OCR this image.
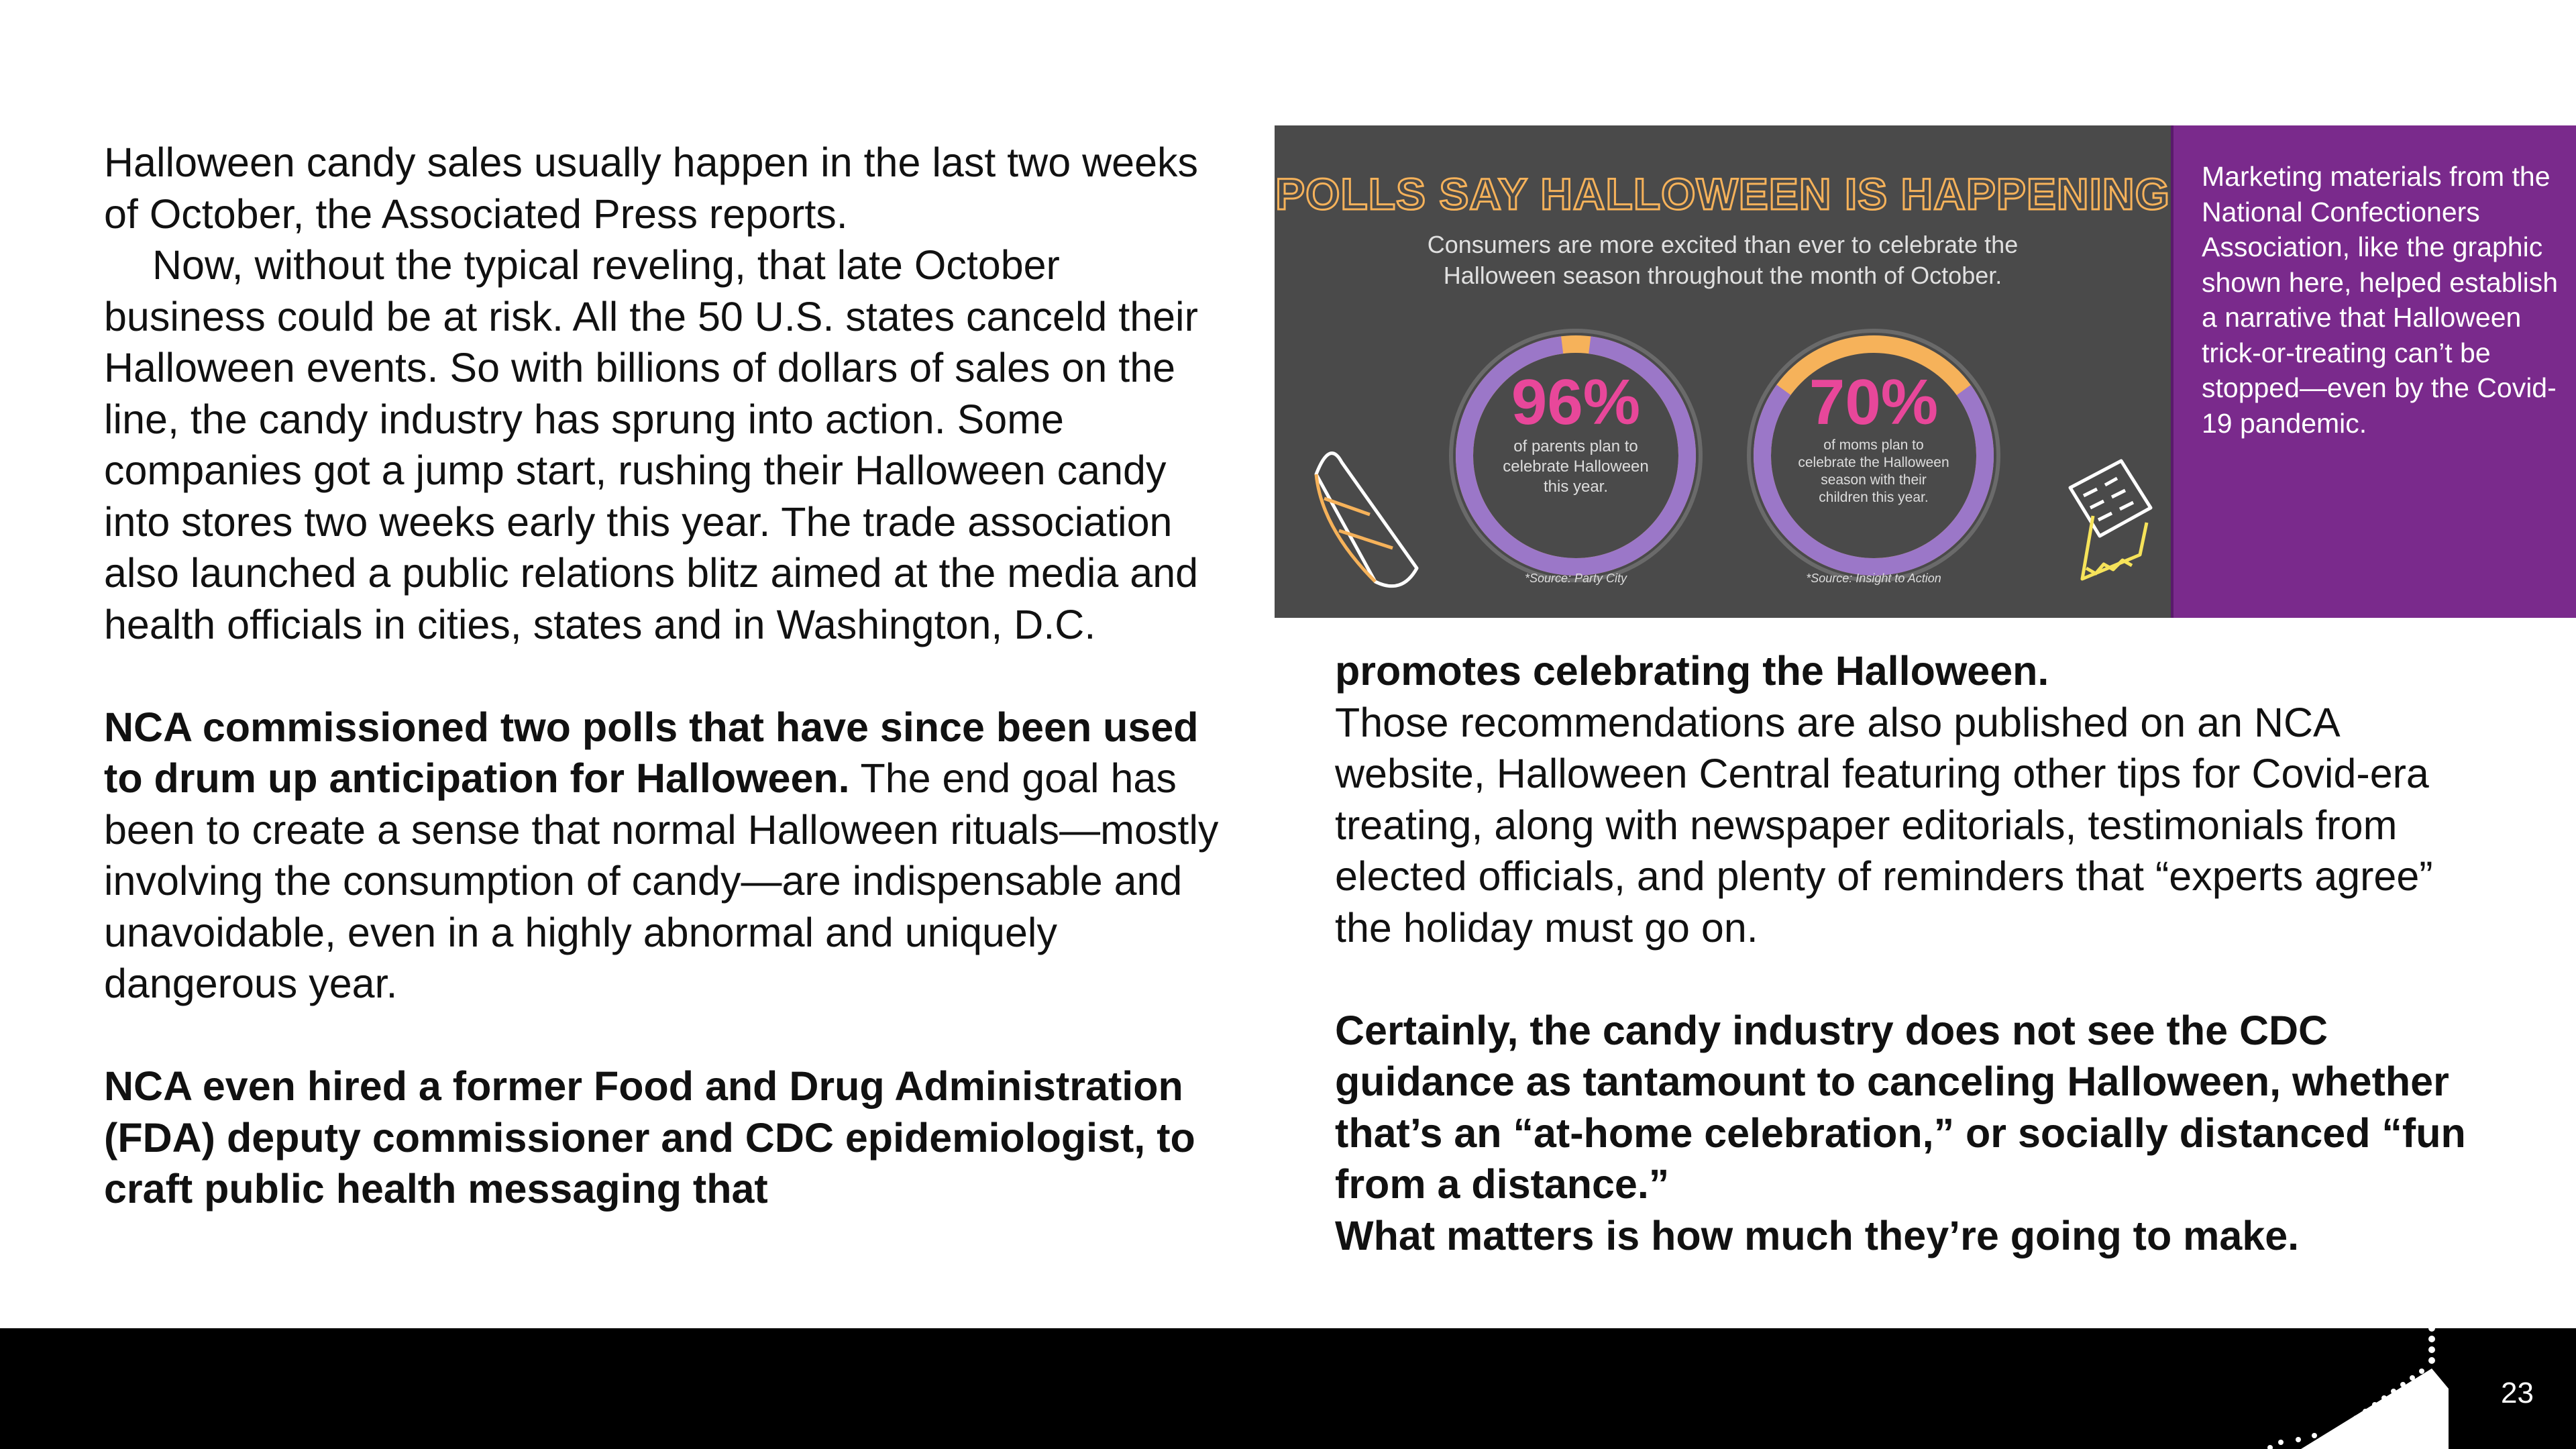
Halloween candy sales usually happen in the last two weeks of October, the Associated Press reports.

Now, without the typical reveling, that late October business could be at risk. All the 50 U.S. states canceld their Halloween events. So with billions of dollars of sales on the line, the candy industry has sprung into action. Some companies got a jump start, rushing their Halloween candy into stores two weeks early this year. The trade association also launched a public relations blitz aimed at the media and health officials in cities, states and in Washington, D.C.

NCA commissioned two polls that have since been used to drum up anticipation for Halloween. The end goal has been to create a sense that normal Halloween rituals—mostly involving the consumption of candy—are indispensable and unavoidable, even in a highly abnormal and uniquely dangerous year.

NCA even hired a former Food and Drug Administration (FDA) deputy commissioner and CDC epidemiologist, to craft public health messaging that

promotes celebrating the Halloween.

Those recommendations are also published on an NCA website, Halloween Central featuring other tips for Covid-era treating, along with newspaper editorials, testimonials from elected officials, and plenty of reminders that “experts agree” the holiday must go on.

Certainly, the candy industry does not see the CDC guidance as tantamount to canceling Halloween, whether that’s an “at-home celebration,” or socially distanced “fun from a distance.”

What matters is how much they’re going to make.

POLLS SAY HALLOWEEN IS HAPPENING
Consumers are more excited than ever to celebrate the
Halloween season throughout the month of October.
96%
of parents plan to
celebrate Halloween
this year.
*Source: Party City
70%
of moms plan to
celebrate the Halloween
season with their
children this year.
*Source: Insight to Action
Marketing materials from the National Confectioners Association, like the graphic shown here, helped establish a narrative that Halloween trick-or-treating can’t be stopped—even by the Covid-19 pandemic.
23
